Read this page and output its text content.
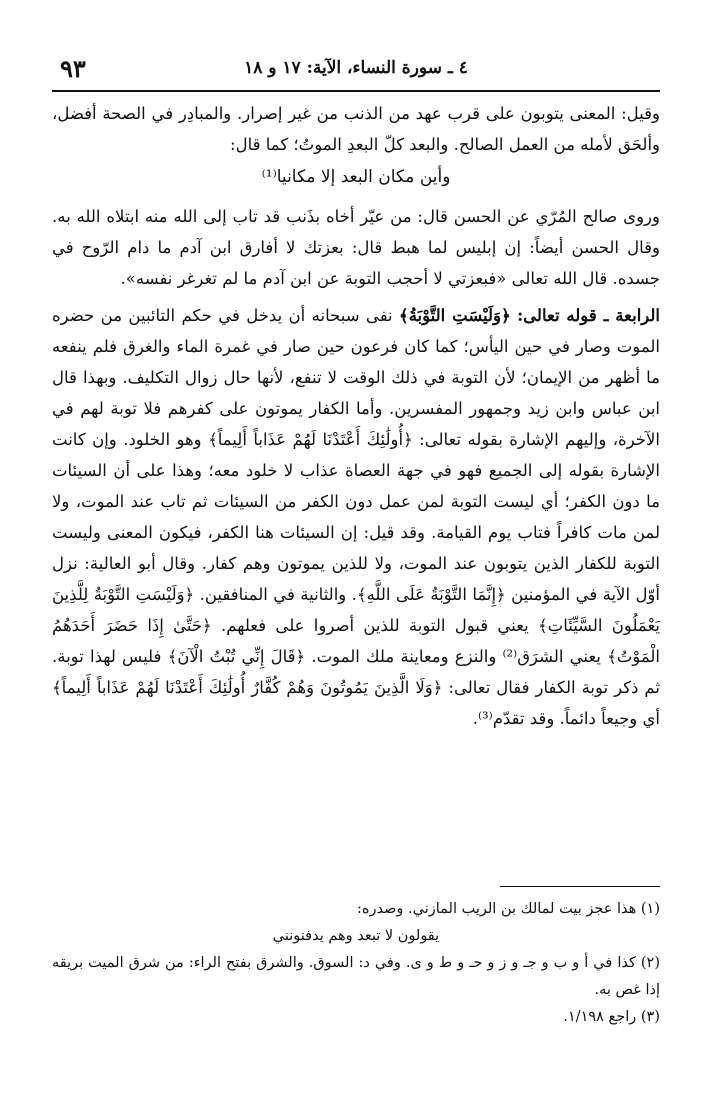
٩٣	٤ ـ سورة النساء، الآية: ١٧ و ١٨

وقيل: المعنى يتوبون على قرب عهد من الذنب من غير إصرار. والمبادِر في الصحة أفضل، وألحَق لأمله من العمل الصالح. والبعد كلّ البعدِ الموتُ؛ كما قال:

وأين مكان البعد إلا مكانيا⁽¹⁾

وروى صالح المُرّي عن الحسن قال: من عيّر أخاه بذَنب قد تاب إلى الله منه ابتلاه الله به. وقال الحسن أيضاً: إن إبليس لما هبط قال: بعزتك لا أفارق ابن آدم ما دام الرّوح في جسده. قال الله تعالى «فبعزتي لا أحجب التوبة عن ابن آدم ما لم تغرغر نفسه».

الرابعة ـ قوله تعالى: ﴿وَلَيْسَتِ التَّوْبَةُ﴾ نفى سبحانه أن يدخل في حكم التائبين من حضره الموت وصار في حين اليأس؛ كما كان فرعون حين صار في غمرة الماء والغرق فلم ينفعه ما أظهر من الإيمان؛ لأن التوبة في ذلك الوقت لا تنفع، لأنها حال زوال التكليف. وبهذا قال ابن عباس وابن زيد وجمهور المفسرين. وأما الكفار يموتون على كفرهم فلا توبة لهم في الآخرة، وإليهم الإشارة بقوله تعالى: ﴿أُولَٰئِكَ أَعْتَدْنَا لَهُمْ عَذَاباً أَلِيماً﴾ وهو الخلود. وإن كانت الإشارة بقوله إلى الجميع فهو في جهة العصاة عذاب لا خلود معه؛ وهذا على أن السيئات ما دون الكفر؛ أي ليست التوبة لمن عمل دون الكفر من السيئات ثم تاب عند الموت، ولا لمن مات كافراً فتاب يوم القيامة. وقد قيل: إن السيئات هنا الكفر، فيكون المعنى وليست التوبة للكفار الذين يتوبون عند الموت، ولا للذين يموتون وهم كفار. وقال أبو العالية: نزل أوّل الآية في المؤمنين ﴿إِنَّمَا التَّوْبَةُ عَلَى اللَّهِ﴾. والثانية في المنافقين. ﴿وَلَيْسَتِ التَّوْبَةُ لِلَّذِينَ يَعْمَلُونَ السَّيِّئَاتِ﴾ يعني قبول التوبة للذين أصروا على فعلهم. ﴿حَتَّىٰ إِذَا حَضَرَ أَحَدَهُمُ الْمَوْتُ﴾ يعني الشرَق⁽²⁾ والنزع ومعاينة ملك الموت. ﴿قَالَ إِنِّي تُبْتُ الْآنَ﴾ فليس لهذا توبة. ثم ذكر توبة الكفار فقال تعالى: ﴿وَلَا الَّذِينَ يَمُوتُونَ وَهُمْ كُفَّارٌ أُولَٰئِكَ أَعْتَدْنَا لَهُمْ عَذَاباً أَلِيماً﴾ أي وجيعاً دائماً. وقد تقدّم⁽³⁾.

(١) هذا عجز بيت لمالك بن الريب المازني. وصدره:

يقولون لا تبعد وهم يدفنونني

(٢) كذا في أ و ب و جـ و ز و حـ و ط و ى. وفي د: السوق. والشرق بفتح الراء: من شرق الميت بريقه إذا غص به.

(٣) راجع ١/١٩٨.
